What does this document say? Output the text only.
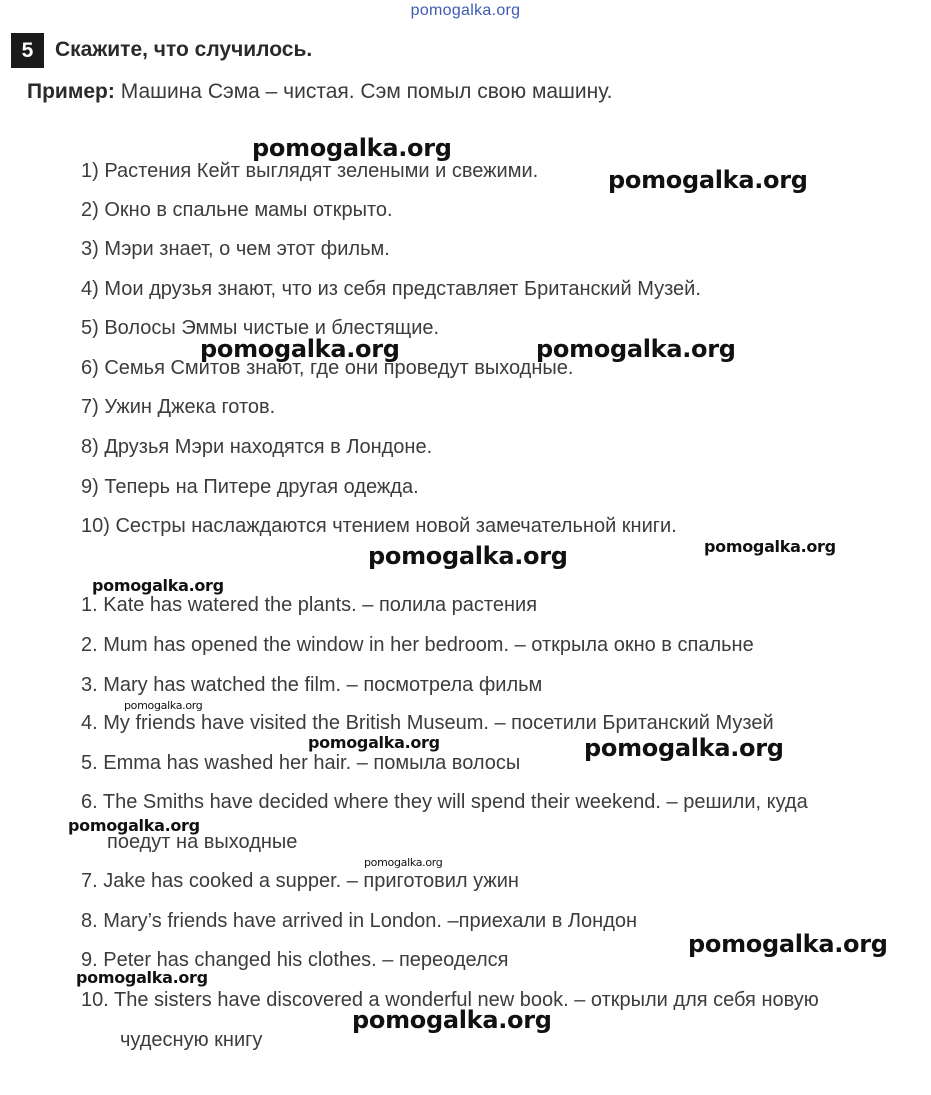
pomogalka.org
5	Скажите, что случилось.
Пример: Машина Сэма – чистая. Сэм помыл свою машину.
1) Растения Кейт выглядят зелеными и свежими.
2) Окно в спальне мамы открыто.
3) Мэри знает, о чем этот фильм.
4) Мои друзья знают, что из себя представляет Британский Музей.
5) Волосы Эммы чистые и блестящие.
6) Семья Смитов знают, где они проведут выходные.
7) Ужин Джека готов.
8) Друзья Мэри находятся в Лондоне.
9) Теперь на Питере другая одежда.
10) Сестры наслаждаются чтением новой замечательной книги.
1. Kate has watered the plants. – полила растения
2. Mum has opened the window in her bedroom. – открыла окно в спальне
3. Mary has watched the film. – посмотрела фильм
4. My friends have visited the British Museum. – посетили Британский Музей
5. Emma has washed her hair. – помыла волосы
6. The Smiths have decided where they will spend their weekend. – решили, куда
поедут на выходные
7. Jake has cooked a supper. – приготовил ужин
8. Mary’s friends have arrived in London. –приехали в Лондон
9. Peter has changed his clothes. – переоделся
10. The sisters have discovered a wonderful new book. – открыли для себя новую
чудесную книгу
pomogalka.org
pomogalka.org
pomogalka.org	pomogalka.org
pomogalka.org	pomogalka.org
pomogalka.org
pomogalka.org
pomogalka.org	pomogalka.org
pomogalka.org
pomogalka.org
pomogalka.org
pomogalka.org
pomogalka.org
